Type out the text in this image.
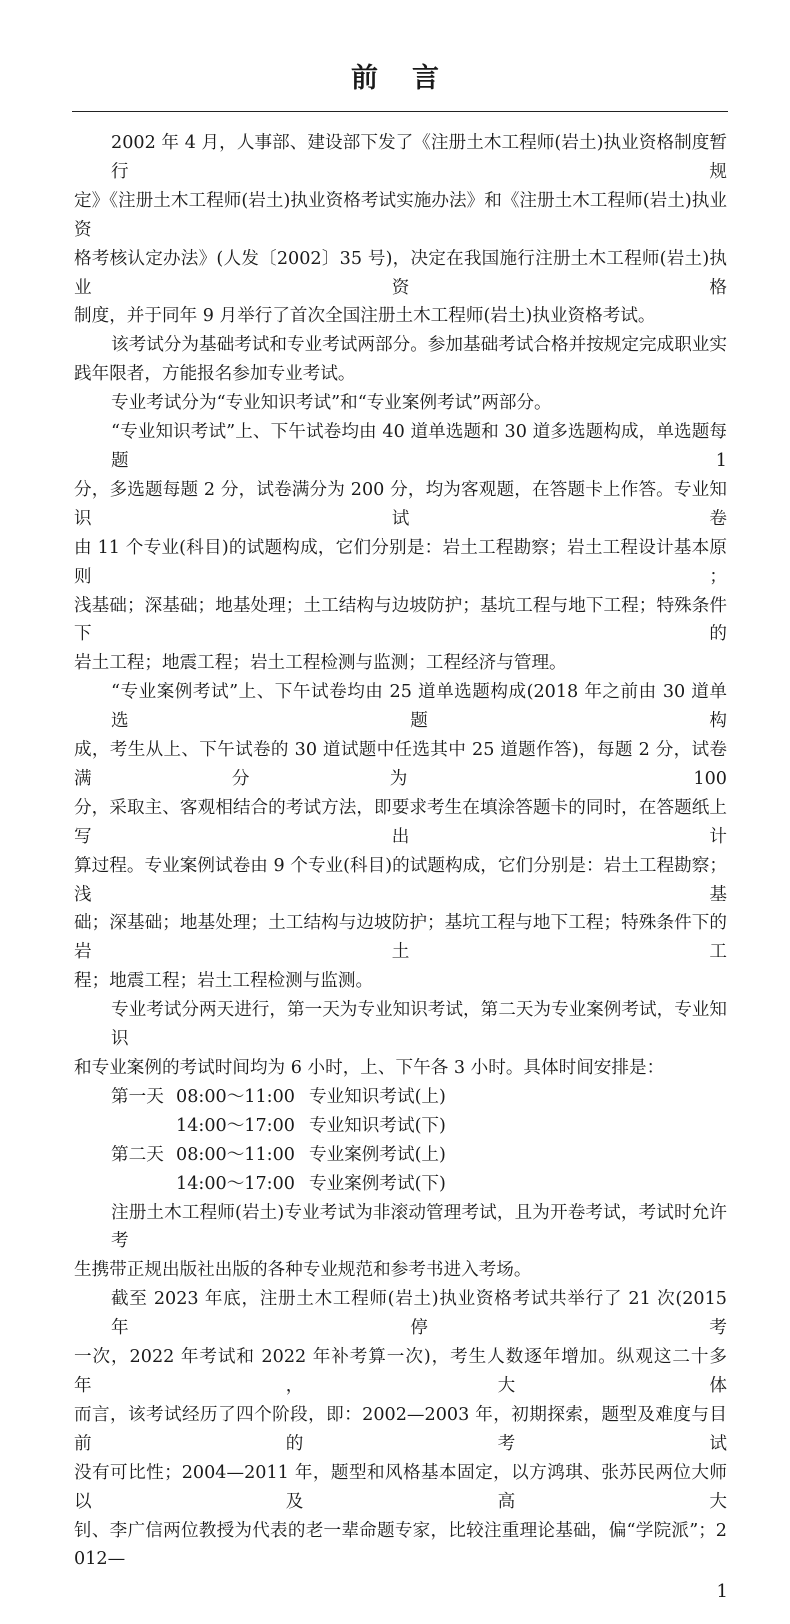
前言
2002 年 4 月，人事部、建设部下发了《注册土木工程师(岩土)执业资格制度暂行规
定》《注册土木工程师(岩土)执业资格考试实施办法》和《注册土木工程师(岩土)执业资
格考核认定办法》(人发〔2002〕35 号)，决定在我国施行注册土木工程师(岩土)执业资格
制度，并于同年 9 月举行了首次全国注册土木工程师(岩土)执业资格考试。
该考试分为基础考试和专业考试两部分。参加基础考试合格并按规定完成职业实
践年限者，方能报名参加专业考试。
专业考试分为“专业知识考试”和“专业案例考试”两部分。
“专业知识考试”上、下午试卷均由 40 道单选题和 30 道多选题构成，单选题每题 1
分，多选题每题 2 分，试卷满分为 200 分，均为客观题，在答题卡上作答。专业知识试卷
由 11 个专业(科目)的试题构成，它们分别是：岩土工程勘察；岩土工程设计基本原则；
浅基础；深基础；地基处理；土工结构与边坡防护；基坑工程与地下工程；特殊条件下的
岩土工程；地震工程；岩土工程检测与监测；工程经济与管理。
“专业案例考试”上、下午试卷均由 25 道单选题构成(2018 年之前由 30 道单选题构
成，考生从上、下午试卷的 30 道试题中任选其中 25 道题作答)，每题 2 分，试卷满分为 100
分，采取主、客观相结合的考试方法，即要求考生在填涂答题卡的同时，在答题纸上写出计
算过程。专业案例试卷由 9 个专业(科目)的试题构成，它们分别是：岩土工程勘察；浅基
础；深基础；地基处理；土工结构与边坡防护；基坑工程与地下工程；特殊条件下的岩土工
程；地震工程；岩土工程检测与监测。
专业考试分两天进行，第一天为专业知识考试，第二天为专业案例考试，专业知识
和专业案例的考试时间均为 6 小时，上、下午各 3 小时。具体时间安排是：
第一天 08:00～11:00 专业知识考试(上)
14:00～17:00 专业知识考试(下)
第二天 08:00～11:00 专业案例考试(上)
14:00～17:00 专业案例考试(下)
注册土木工程师(岩土)专业考试为非滚动管理考试，且为开卷考试，考试时允许考
生携带正规出版社出版的各种专业规范和参考书进入考场。
截至 2023 年底，注册土木工程师(岩土)执业资格考试共举行了 21 次(2015 年停考
一次，2022 年考试和 2022 年补考算一次)，考生人数逐年增加。纵观这二十多年，大体
而言，该考试经历了四个阶段，即：2002—2003 年，初期探索，题型及难度与目前的考试
没有可比性；2004—2011 年，题型和风格基本固定，以方鸿琪、张苏民两位大师以及高大
钊、李广信两位教授为代表的老一辈命题专家，比较注重理论基础，偏“学院派”；2012—
1
